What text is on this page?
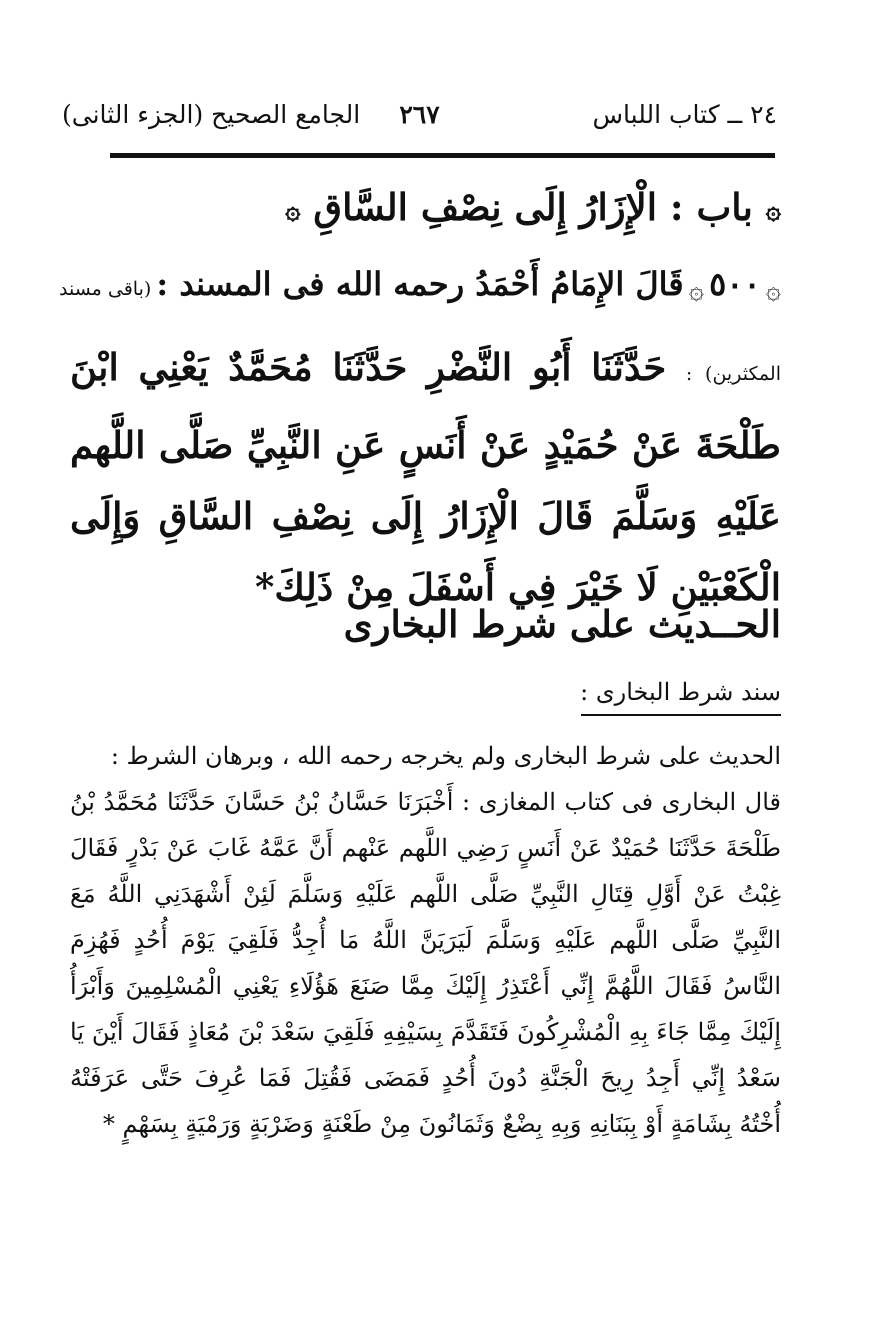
٢٤ ــ كتاب اللباس
٢٦٧
الجامع الصحيح (الجزء الثانى)
۞ باب : الْإِزَارُ إِلَى نِصْفِ السَّاقِ ۞
۞ ٥٠٠ ۞ قَالَ الإِمَامُ أَحْمَدُ رحمه الله فى المسند : (باقى مسند
المكثرين) : حَدَّثَنَا أَبُو النَّضْرِ حَدَّثَنَا مُحَمَّدٌ يَعْنِي ابْنَ طَلْحَةَ عَنْ حُمَيْدٍ عَنْ أَنَسٍ عَنِ النَّبِيِّ صَلَّى اللَّهم عَلَيْهِ وَسَلَّمَ قَالَ الْإِزَارُ إِلَى نِصْفِ السَّاقِ وَإِلَى الْكَعْبَيْنِ لَا خَيْرَ فِي أَسْفَلَ مِنْ ذَلِكَ*
الحــديث على شرط البخارى
سند شرط البخارى :

الحديث على شرط البخارى ولم يخرجه رحمه الله ، وبرهان الشرط :

قال البخارى فى كتاب المغازى : أَخْبَرَنَا حَسَّانُ بْنُ حَسَّانَ حَدَّثَنَا مُحَمَّدُ بْنُ طَلْحَةَ حَدَّثَنَا حُمَيْدٌ عَنْ أَنَسٍ رَضِي اللَّهم عَنْهم أَنَّ عَمَّهُ غَابَ عَنْ بَدْرٍ فَقَالَ غِبْتُ عَنْ أَوَّلِ قِتَالِ النَّبِيِّ صَلَّى اللَّهم عَلَيْهِ وَسَلَّمَ لَئِنْ أَشْهَدَنِي اللَّهُ مَعَ النَّبِيِّ صَلَّى اللَّهم عَلَيْهِ وَسَلَّمَ لَيَرَيَنَّ اللَّهُ مَا أُجِدُّ فَلَقِيَ يَوْمَ أُحُدٍ فَهُزِمَ النَّاسُ فَقَالَ اللَّهُمَّ إِنِّي أَعْتَذِرُ إِلَيْكَ مِمَّا صَنَعَ هَؤُلَاءِ يَعْنِي الْمُسْلِمِينَ وَأَبْرَأُ إِلَيْكَ مِمَّا جَاءَ بِهِ الْمُشْرِكُونَ فَتَقَدَّمَ بِسَيْفِهِ فَلَقِيَ سَعْدَ بْنَ مُعَاذٍ فَقَالَ أَيْنَ يَا سَعْدُ إِنِّي أَجِدُ رِيحَ الْجَنَّةِ دُونَ أُحُدٍ فَمَضَى فَقُتِلَ فَمَا عُرِفَ حَتَّى عَرَفَتْهُ أُخْتُهُ بِشَامَةٍ أَوْ بِبَنَانِهِ وَبِهِ بِضْعٌ وَثَمَانُونَ مِنْ طَعْنَةٍ وَضَرْبَةٍ وَرَمْيَةٍ بِسَهْمٍ *
